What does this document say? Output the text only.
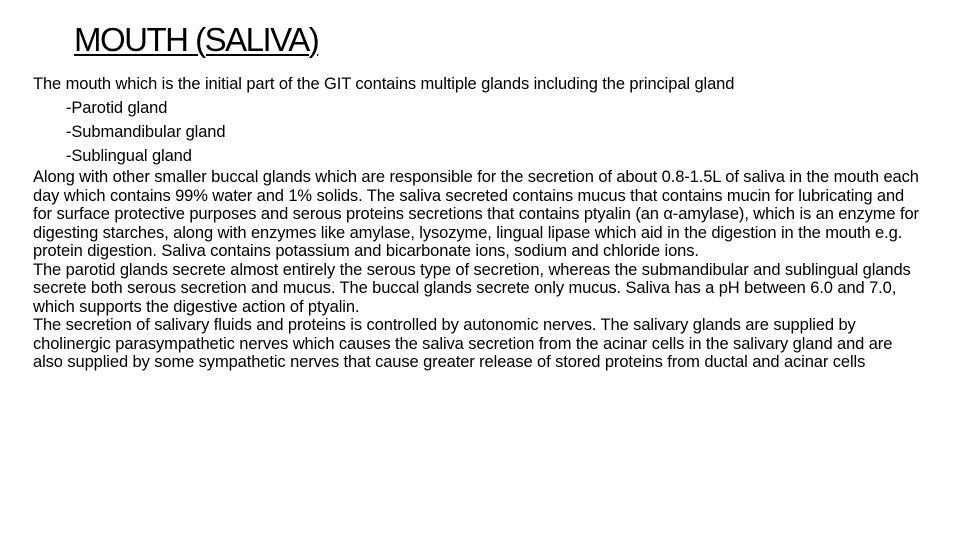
MOUTH (SALIVA)
The mouth which is the initial part of the GIT contains multiple glands including the principal gland
-Parotid gland
-Submandibular gland
-Sublingual gland

Along with other smaller buccal glands which are responsible for the secretion of about 0.8-1.5L of saliva in the mouth each day which contains 99% water and 1% solids. The saliva secreted contains mucus that contains mucin for lubricating and for surface protective purposes and serous proteins secretions that contains ptyalin (an α-amylase), which is an enzyme for digesting starches, along with enzymes like amylase, lysozyme, lingual lipase which aid in the digestion in the mouth e.g. protein digestion. Saliva contains potassium and bicarbonate ions, sodium and chloride ions.

The parotid glands secrete almost entirely the serous type of secretion, whereas the submandibular and sublingual glands secrete both serous secretion and mucus. The buccal glands secrete only mucus. Saliva has a pH between 6.0 and 7.0, which supports the digestive action of ptyalin.

The secretion of salivary fluids and proteins is controlled by autonomic nerves. The salivary glands are supplied by cholinergic parasympathetic nerves which causes the saliva secretion from the acinar cells in the salivary gland and are also supplied by some sympathetic nerves that cause greater release of stored proteins from ductal and acinar cells
